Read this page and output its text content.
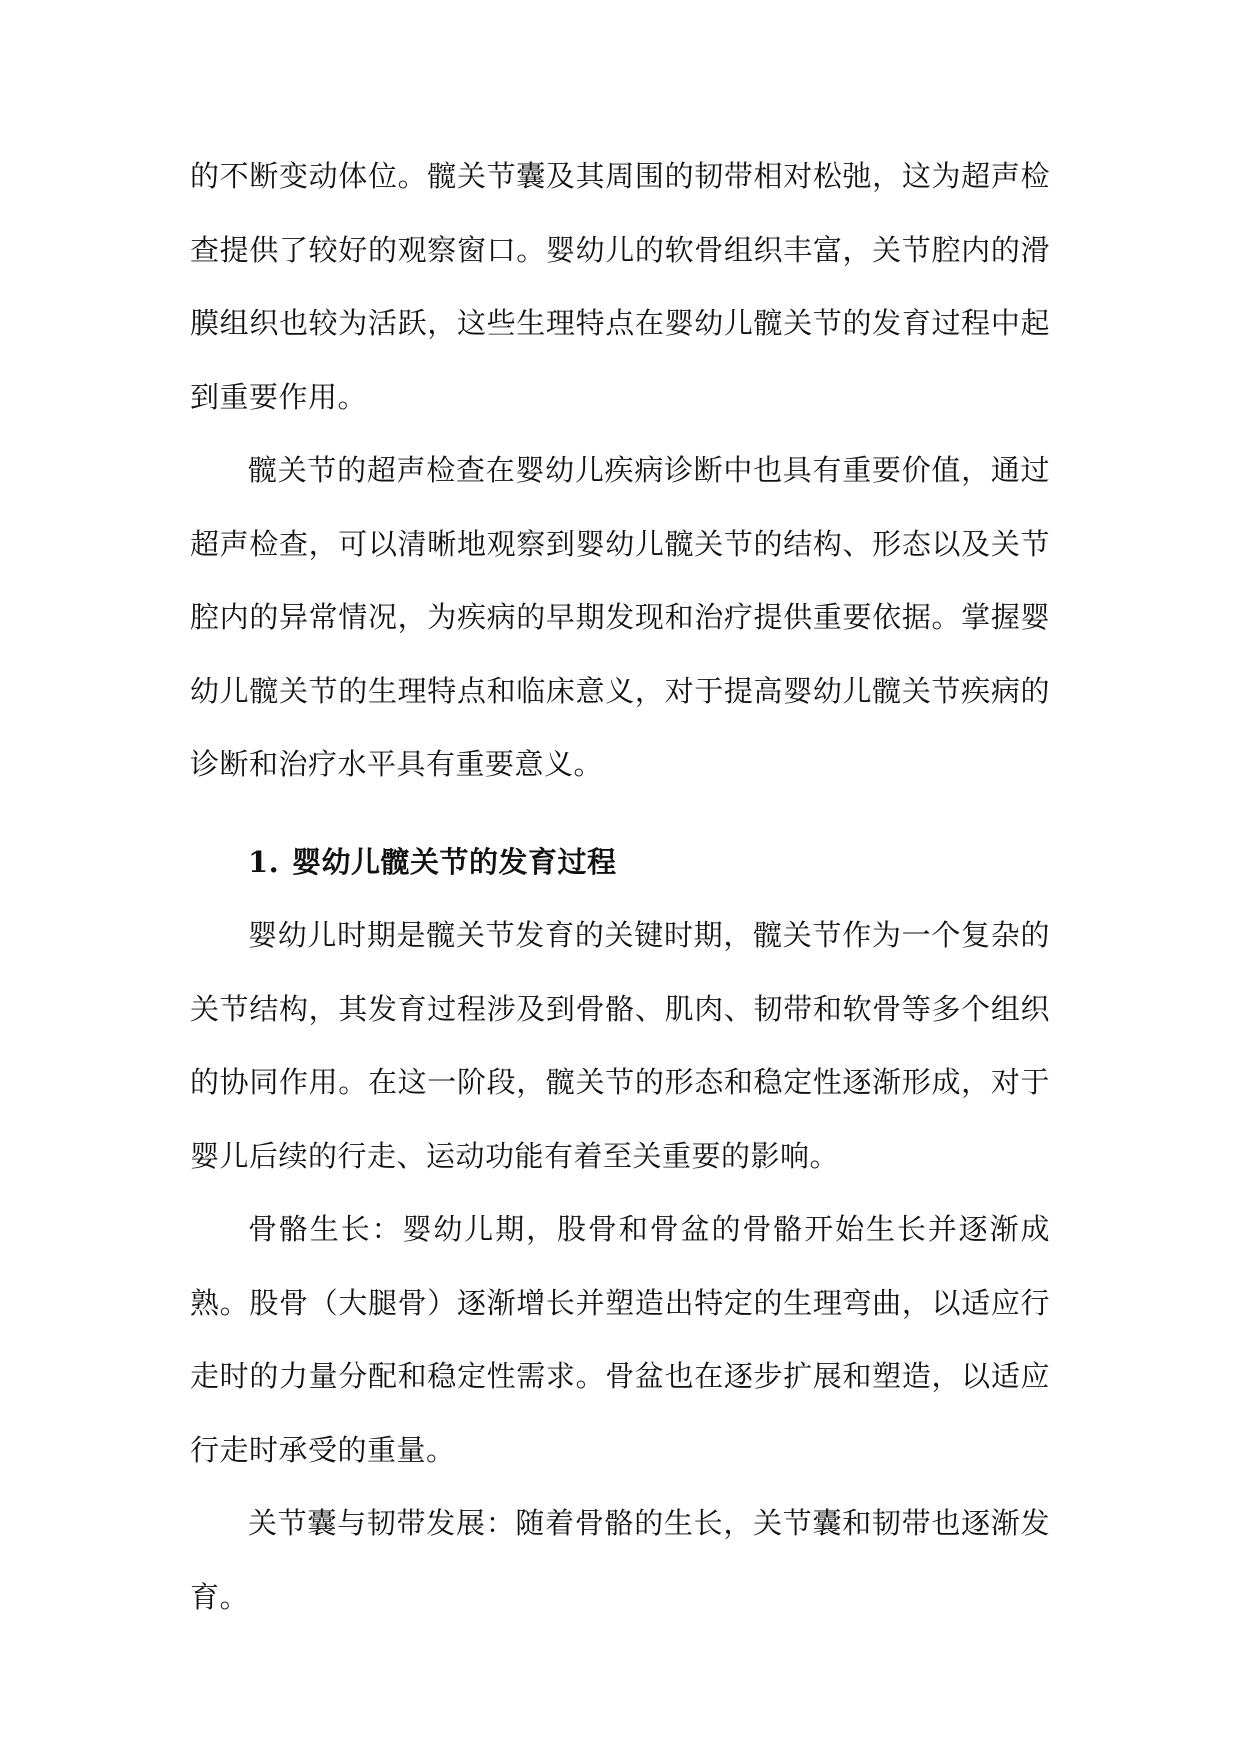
的不断变动体位。髋关节囊及其周围的韧带相对松弛，这为超声检查提供了较好的观察窗口。婴幼儿的软骨组织丰富，关节腔内的滑膜组织也较为活跃，这些生理特点在婴幼儿髋关节的发育过程中起到重要作用。

髋关节的超声检查在婴幼儿疾病诊断中也具有重要价值，通过超声检查，可以清晰地观察到婴幼儿髋关节的结构、形态以及关节腔内的异常情况，为疾病的早期发现和治疗提供重要依据。掌握婴幼儿髋关节的生理特点和临床意义，对于提高婴幼儿髋关节疾病的诊断和治疗水平具有重要意义。

1. 婴幼儿髋关节的发育过程

婴幼儿时期是髋关节发育的关键时期，髋关节作为一个复杂的关节结构，其发育过程涉及到骨骼、肌肉、韧带和软骨等多个组织的协同作用。在这一阶段，髋关节的形态和稳定性逐渐形成，对于婴儿后续的行走、运动功能有着至关重要的影响。

骨骼生长：婴幼儿期，股骨和骨盆的骨骼开始生长并逐渐成熟。股骨（大腿骨）逐渐增长并塑造出特定的生理弯曲，以适应行走时的力量分配和稳定性需求。骨盆也在逐步扩展和塑造，以适应行走时承受的重量。

关节囊与韧带发展：随着骨骼的生长，关节囊和韧带也逐渐发育。
